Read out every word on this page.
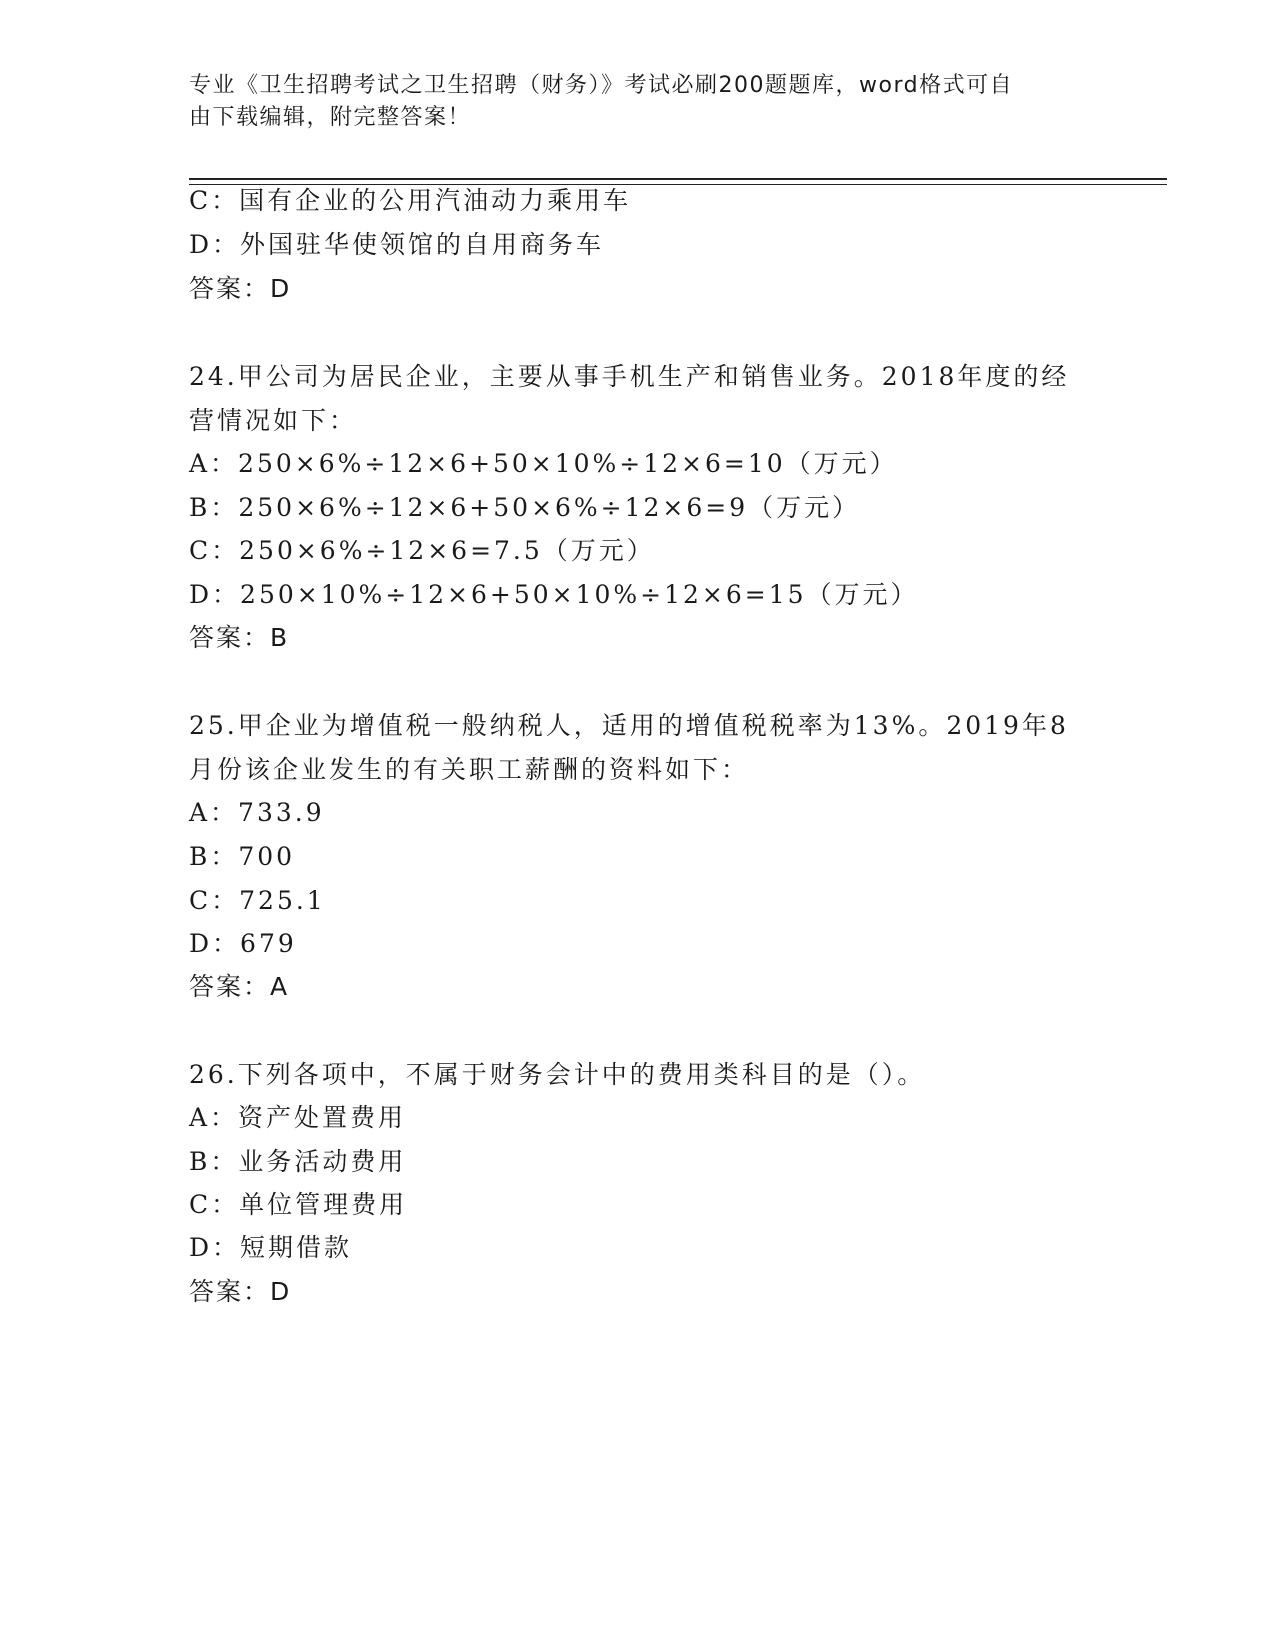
专业《卫生招聘考试之卫生招聘（财务）》考试必刷200题题库，word格式可自
由下载编辑，附完整答案！
C：国有企业的公用汽油动力乘用车
D：外国驻华使领馆的自用商务车
答案：D
24.甲公司为居民企业，主要从事手机生产和销售业务。2018年度的经
营情况如下：
A：250×6%÷12×6+50×10%÷12×6=10（万元）
B：250×6%÷12×6+50×6%÷12×6=9（万元）
C：250×6%÷12×6=7.5（万元）
D：250×10%÷12×6+50×10%÷12×6=15（万元）
答案：B
25.甲企业为增值税一般纳税人，适用的增值税税率为13%。2019年8
月份该企业发生的有关职工薪酬的资料如下：
A：733.9
B：700
C：725.1
D：679
答案：A
26.下列各项中，不属于财务会计中的费用类科目的是（）。
A：资产处置费用
B：业务活动费用
C：单位管理费用
D：短期借款
答案：D
